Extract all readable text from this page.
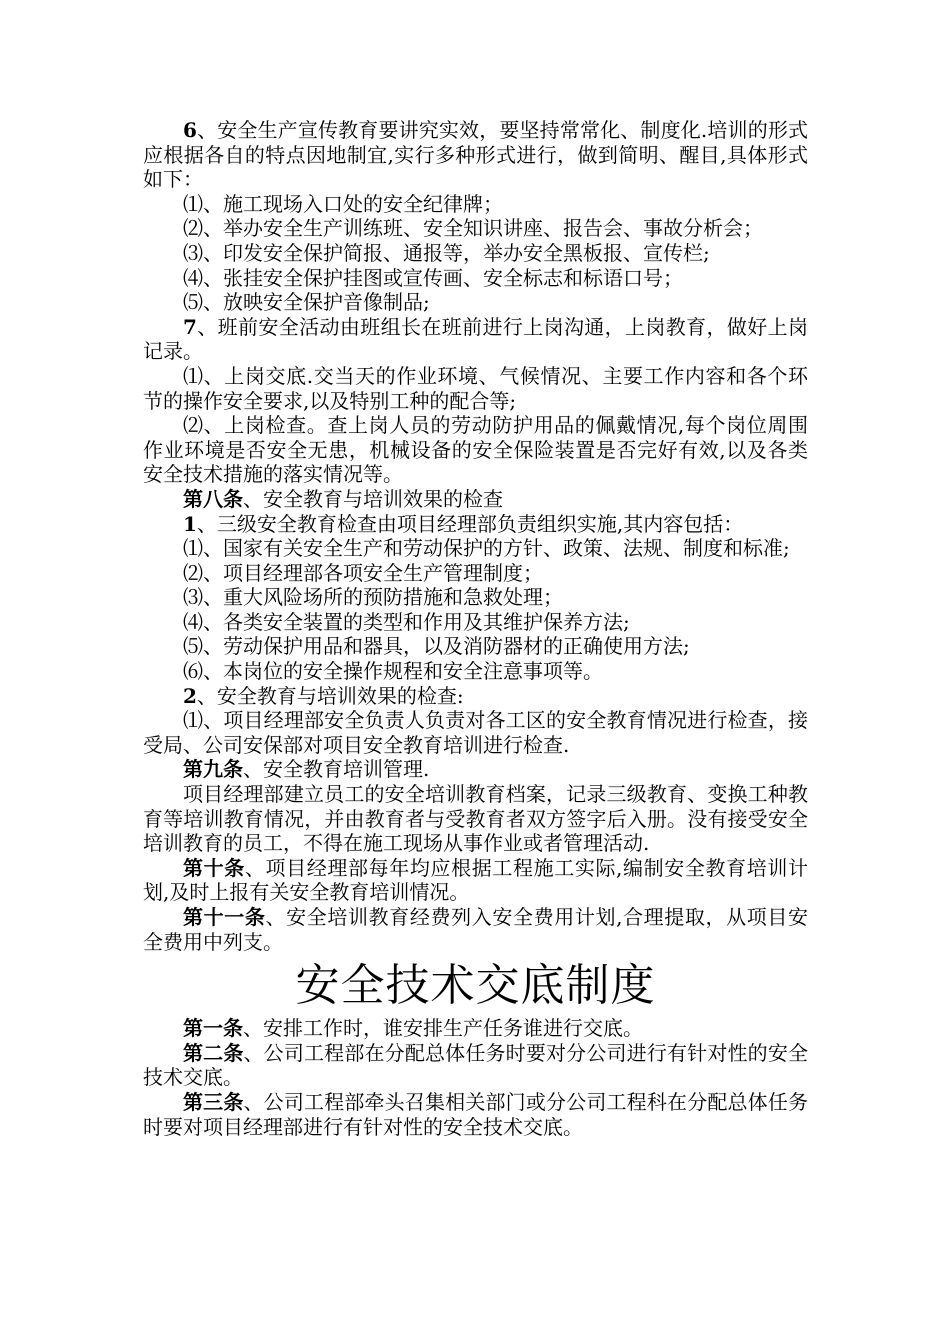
6、安全生产宣传教育要讲究实效，要坚持常常化、制度化.培训的形式应根据各自的特点因地制宜,实行多种形式进行，做到简明、醒目,具体形式如下：

⑴、施工现场入口处的安全纪律牌；

⑵、举办安全生产训练班、安全知识讲座、报告会、事故分析会；

⑶、印发安全保护简报、通报等，举办安全黑板报、宣传栏;

⑷、张挂安全保护挂图或宣传画、安全标志和标语口号；

⑸、放映安全保护音像制品;

7、班前安全活动由班组长在班前进行上岗沟通，上岗教育，做好上岗记录。

⑴、上岗交底.交当天的作业环境、气候情况、主要工作内容和各个环节的操作安全要求,以及特别工种的配合等;

⑵、上岗检查。查上岗人员的劳动防护用品的佩戴情况,每个岗位周围作业环境是否安全无患，机械设备的安全保险装置是否完好有效,以及各类安全技术措施的落实情况等。

第八条、安全教育与培训效果的检查

1、三级安全教育检查由项目经理部负责组织实施,其内容包括：

⑴、国家有关安全生产和劳动保护的方针、政策、法规、制度和标准;

⑵、项目经理部各项安全生产管理制度；

⑶、重大风险场所的预防措施和急救处理；

⑷、各类安全装置的类型和作用及其维护保养方法;

⑸、劳动保护用品和器具，以及消防器材的正确使用方法;

⑹、本岗位的安全操作规程和安全注意事项等。

2、安全教育与培训效果的检查:

⑴、项目经理部安全负责人负责对各工区的安全教育情况进行检查，接受局、公司安保部对项目安全教育培训进行检查.

第九条、安全教育培训管理.

项目经理部建立员工的安全培训教育档案，记录三级教育、变换工种教育等培训教育情况，并由教育者与受教育者双方签字后入册。没有接受安全培训教育的员工，不得在施工现场从事作业或者管理活动.

第十条、项目经理部每年均应根据工程施工实际,编制安全教育培训计划,及时上报有关安全教育培训情况。

第十一条、安全培训教育经费列入安全费用计划,合理提取，从项目安全费用中列支。

安全技术交底制度

第一条、安排工作时，谁安排生产任务谁进行交底。

第二条、公司工程部在分配总体任务时要对分公司进行有针对性的安全技术交底。

第三条、公司工程部牵头召集相关部门或分公司工程科在分配总体任务时要对项目经理部进行有针对性的安全技术交底。
